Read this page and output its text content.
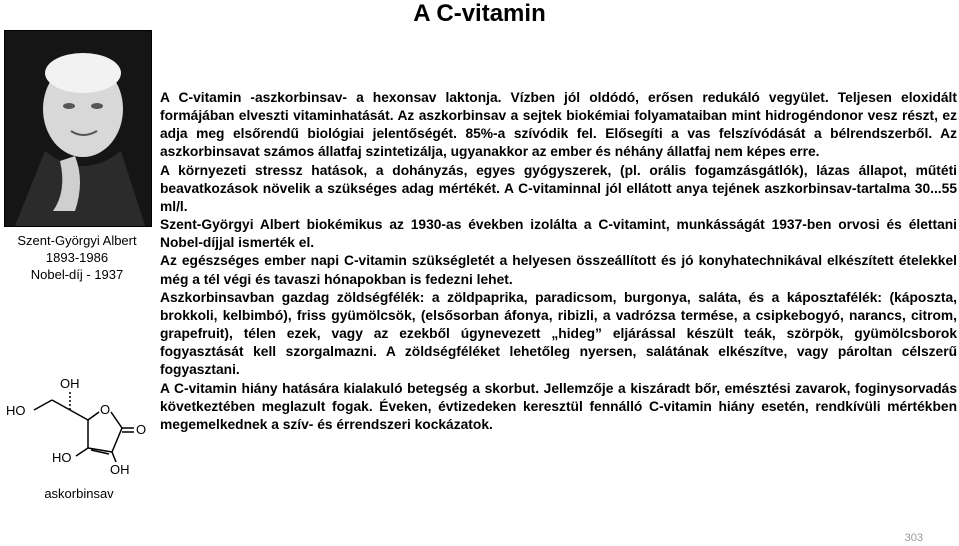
A C-vitamin
Szent-Györgyi Albert
1893-1986
Nobel-díj - 1937
OH
HO	O
O
HO
OH
askorbinsav

A C-vitamin -aszkorbinsav- a hexonsav laktonja. Vízben jól oldódó, erősen redukáló vegyület. Teljesen eloxidált formájában elveszti vitaminhatását. Az aszkorbinsav a sejtek biokémiai folyamataiban mint hidrogéndonor vesz részt, ez adja meg elsőrendű biológiai jelentőségét. 85%-a szívódik fel. Elősegíti a vas felszívódását a bélrendszerből. Az aszkorbinsavat számos állatfaj szintetizálja, ugyanakkor az ember és néhány állatfaj nem képes erre.

A környezeti stressz hatások, a dohányzás, egyes gyógyszerek, (pl. orális fogamzásgátlók), lázas állapot, műtéti beavatkozások növelik a szükséges adag mértékét. A C-vitaminnal jól ellátott anya tejének aszkorbinsav-tartalma 30...55 ml/l.

Szent-Györgyi Albert biokémikus az 1930-as években izolálta a C-vitamint, munkásságát 1937-ben orvosi és élettani Nobel-díjjal ismerték el.

Az egészséges ember napi C-vitamin szükségletét a helyesen összeállított és jó konyhatechnikával elkészített ételekkel még a tél végi és tavaszi hónapokban is fedezni lehet.

Aszkorbinsavban gazdag zöldségfélék: a zöldpaprika, paradicsom, burgonya, saláta, és a káposztafélék: (káposzta, brokkoli, kelbimbó), friss gyümölcsök, (elsősorban áfonya, ribizli, a vadrózsa termése, a csipkebogyó, narancs, citrom, grapefruit), télen ezek, vagy az ezekből úgynevezett „hideg” eljárással készült teák, szörpök, gyümölcsborok fogyasztását kell szorgalmazni. A zöldségféléket lehetőleg nyersen, salátának elkészítve, vagy pároltan célszerű fogyasztani.

A C-vitamin hiány hatására kialakuló betegség a skorbut. Jellemzője a kiszáradt bőr, emésztési zavarok, foginysorvadás következtében meglazult fogak. Éveken, évtizedeken keresztül fennálló C-vitamin hiány esetén, rendkívüli mértékben megemelkednek a szív- és érrendszeri kockázatok.

303
